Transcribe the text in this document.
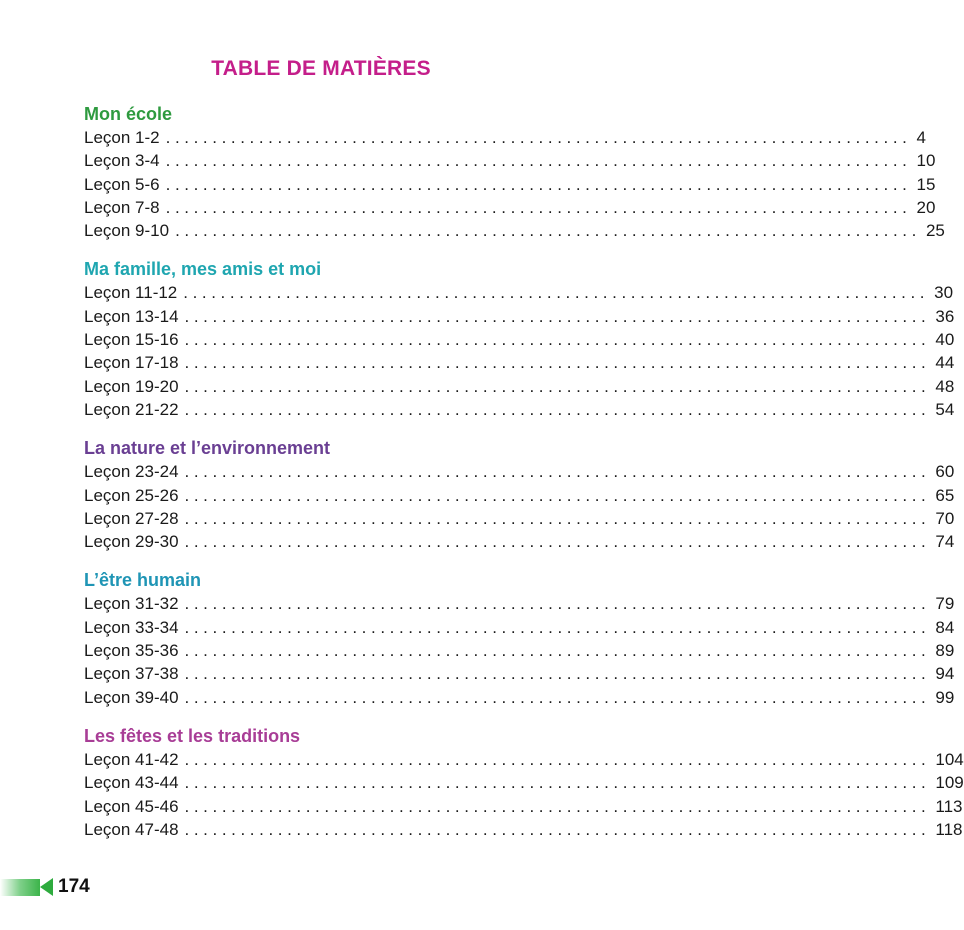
TABLE DE MATIÈRES
Mon école
Leçon 1-2 ................................................................................ 4
Leçon 3-4 ................................................................................ 10
Leçon 5-6 ................................................................................ 15
Leçon 7-8 ................................................................................ 20
Leçon 9-10 ................................................................................ 25
Ma famille, mes amis et moi
Leçon 11-12 ................................................................................ 30
Leçon 13-14 ................................................................................ 36
Leçon 15-16 ................................................................................ 40
Leçon 17-18 ................................................................................ 44
Leçon 19-20 ................................................................................ 48
Leçon 21-22 ................................................................................ 54
La nature et l’environnement
Leçon 23-24 ................................................................................ 60
Leçon 25-26 ................................................................................ 65
Leçon 27-28 ................................................................................ 70
Leçon 29-30 ................................................................................ 74
L’être humain
Leçon 31-32 ................................................................................ 79
Leçon 33-34 ................................................................................ 84
Leçon 35-36 ................................................................................ 89
Leçon 37-38 ................................................................................ 94
Leçon 39-40 ................................................................................ 99
Les fêtes et les traditions
Leçon 41-42 ................................................................................ 104
Leçon 43-44 ................................................................................ 109
Leçon 45-46 ................................................................................ 113
Leçon 47-48 ................................................................................ 118
174
